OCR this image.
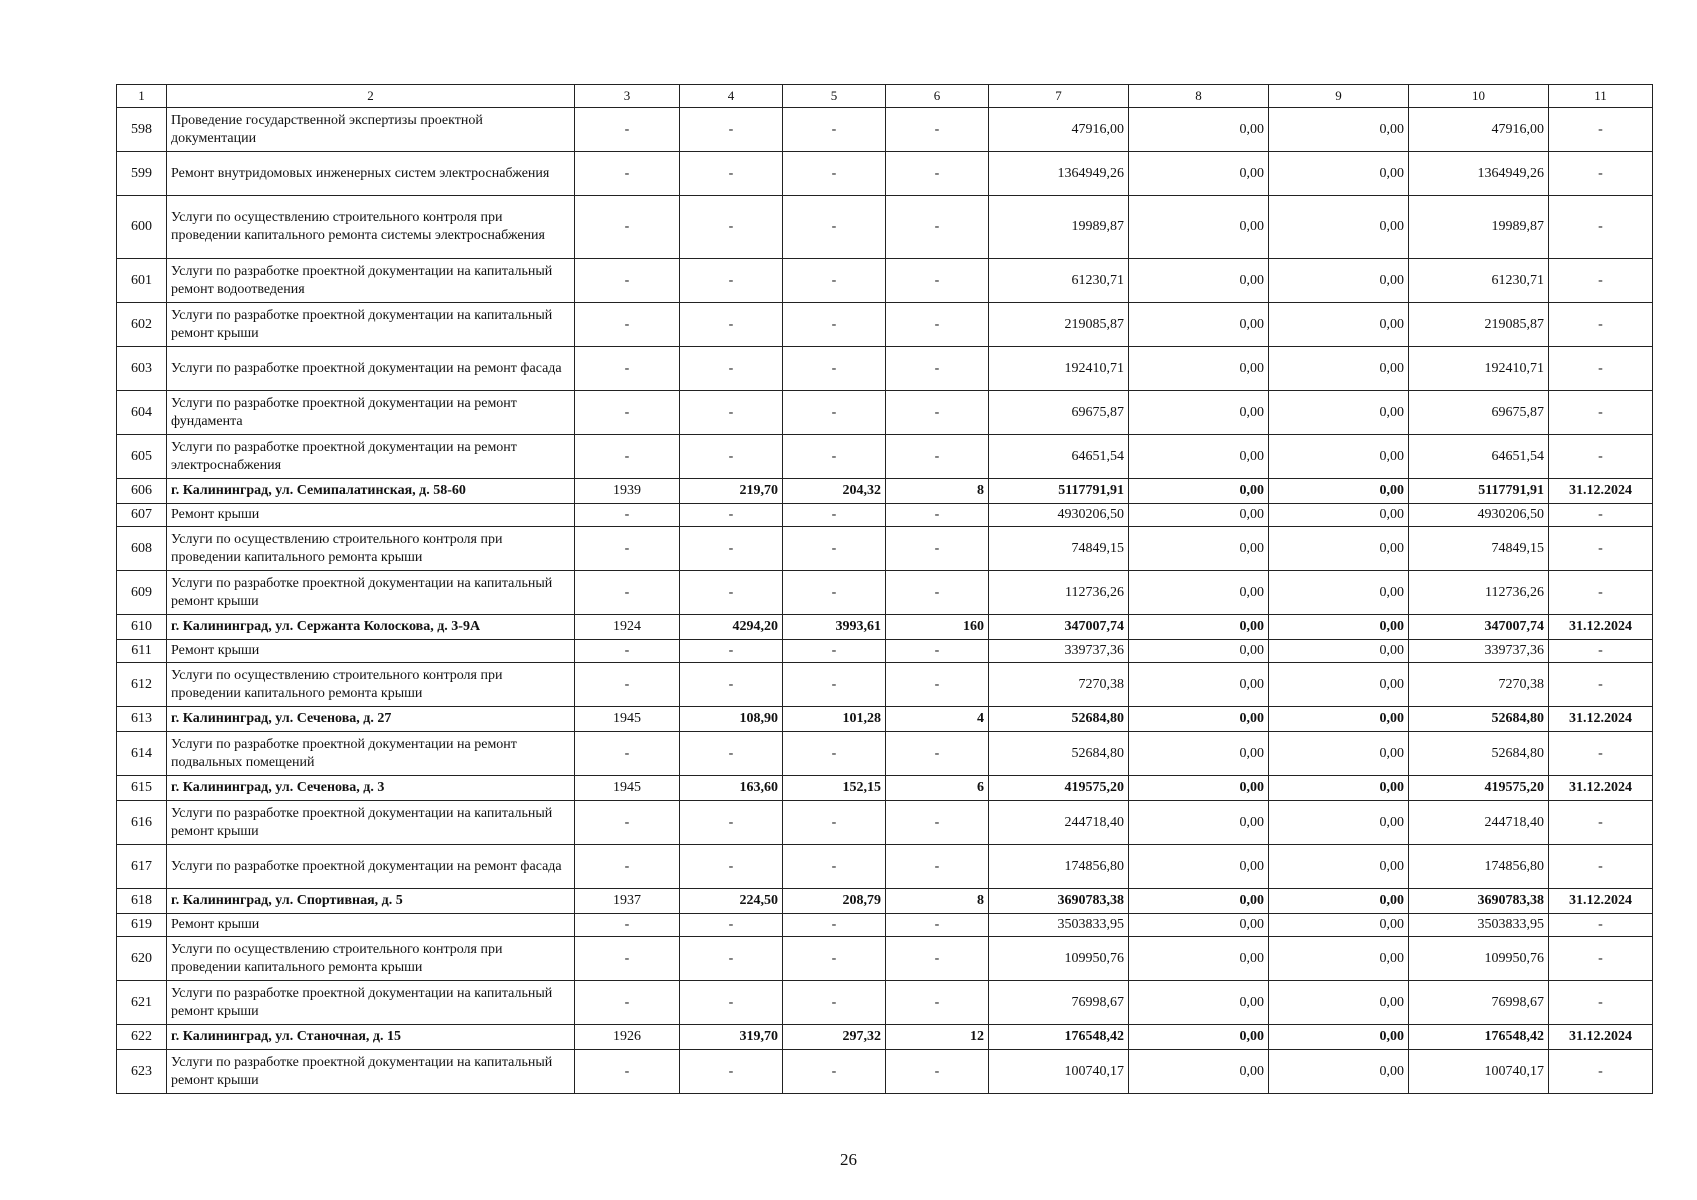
1	2	3	4	5	6	7	8	9	10	11
598	Проведение государственной экспертизы проектной документации	-	-	-	-	47916,00	0,00	0,00	47916,00	-
599	Ремонт внутридомовых инженерных систем электроснабжения	-	-	-	-	1364949,26	0,00	0,00	1364949,26	-
600	Услуги по осуществлению строительного контроля при проведении капитального ремонта системы электроснабжения	-	-	-	-	19989,87	0,00	0,00	19989,87	-
601	Услуги по разработке проектной документации на капитальный ремонт водоотведения	-	-	-	-	61230,71	0,00	0,00	61230,71	-
602	Услуги по разработке проектной документации на капитальный ремонт крыши	-	-	-	-	219085,87	0,00	0,00	219085,87	-
603	Услуги по разработке проектной документации на ремонт фасада	-	-	-	-	192410,71	0,00	0,00	192410,71	-
604	Услуги по разработке проектной документации на ремонт фундамента	-	-	-	-	69675,87	0,00	0,00	69675,87	-
605	Услуги по разработке проектной документации на ремонт электроснабжения	-	-	-	-	64651,54	0,00	0,00	64651,54	-
606	г. Калининград, ул. Семипалатинская, д. 58-60	1939	219,70	204,32	8	5117791,91	0,00	0,00	5117791,91	31.12.2024
607	Ремонт крыши	-	-	-	-	4930206,50	0,00	0,00	4930206,50	-
608	Услуги по осуществлению строительного контроля при проведении капитального ремонта крыши	-	-	-	-	74849,15	0,00	0,00	74849,15	-
609	Услуги по разработке проектной документации на капитальный ремонт крыши	-	-	-	-	112736,26	0,00	0,00	112736,26	-
610	г. Калининград, ул. Сержанта Колоскова, д. 3-9А	1924	4294,20	3993,61	160	347007,74	0,00	0,00	347007,74	31.12.2024
611	Ремонт крыши	-	-	-	-	339737,36	0,00	0,00	339737,36	-
612	Услуги по осуществлению строительного контроля при проведении капитального ремонта крыши	-	-	-	-	7270,38	0,00	0,00	7270,38	-
613	г. Калининград, ул. Сеченова, д. 27	1945	108,90	101,28	4	52684,80	0,00	0,00	52684,80	31.12.2024
614	Услуги по разработке проектной документации на ремонт подвальных помещений	-	-	-	-	52684,80	0,00	0,00	52684,80	-
615	г. Калининград, ул. Сеченова, д. 3	1945	163,60	152,15	6	419575,20	0,00	0,00	419575,20	31.12.2024
616	Услуги по разработке проектной документации на капитальный ремонт крыши	-	-	-	-	244718,40	0,00	0,00	244718,40	-
617	Услуги по разработке проектной документации на ремонт фасада	-	-	-	-	174856,80	0,00	0,00	174856,80	-
618	г. Калининград, ул. Спортивная, д. 5	1937	224,50	208,79	8	3690783,38	0,00	0,00	3690783,38	31.12.2024
619	Ремонт крыши	-	-	-	-	3503833,95	0,00	0,00	3503833,95	-
620	Услуги по осуществлению строительного контроля при проведении капитального ремонта крыши	-	-	-	-	109950,76	0,00	0,00	109950,76	-
621	Услуги по разработке проектной документации на капитальный ремонт крыши	-	-	-	-	76998,67	0,00	0,00	76998,67	-
622	г. Калининград, ул. Станочная, д. 15	1926	319,70	297,32	12	176548,42	0,00	0,00	176548,42	31.12.2024
623	Услуги по разработке проектной документации на капитальный ремонт крыши	-	-	-	-	100740,17	0,00	0,00	100740,17	-
26
